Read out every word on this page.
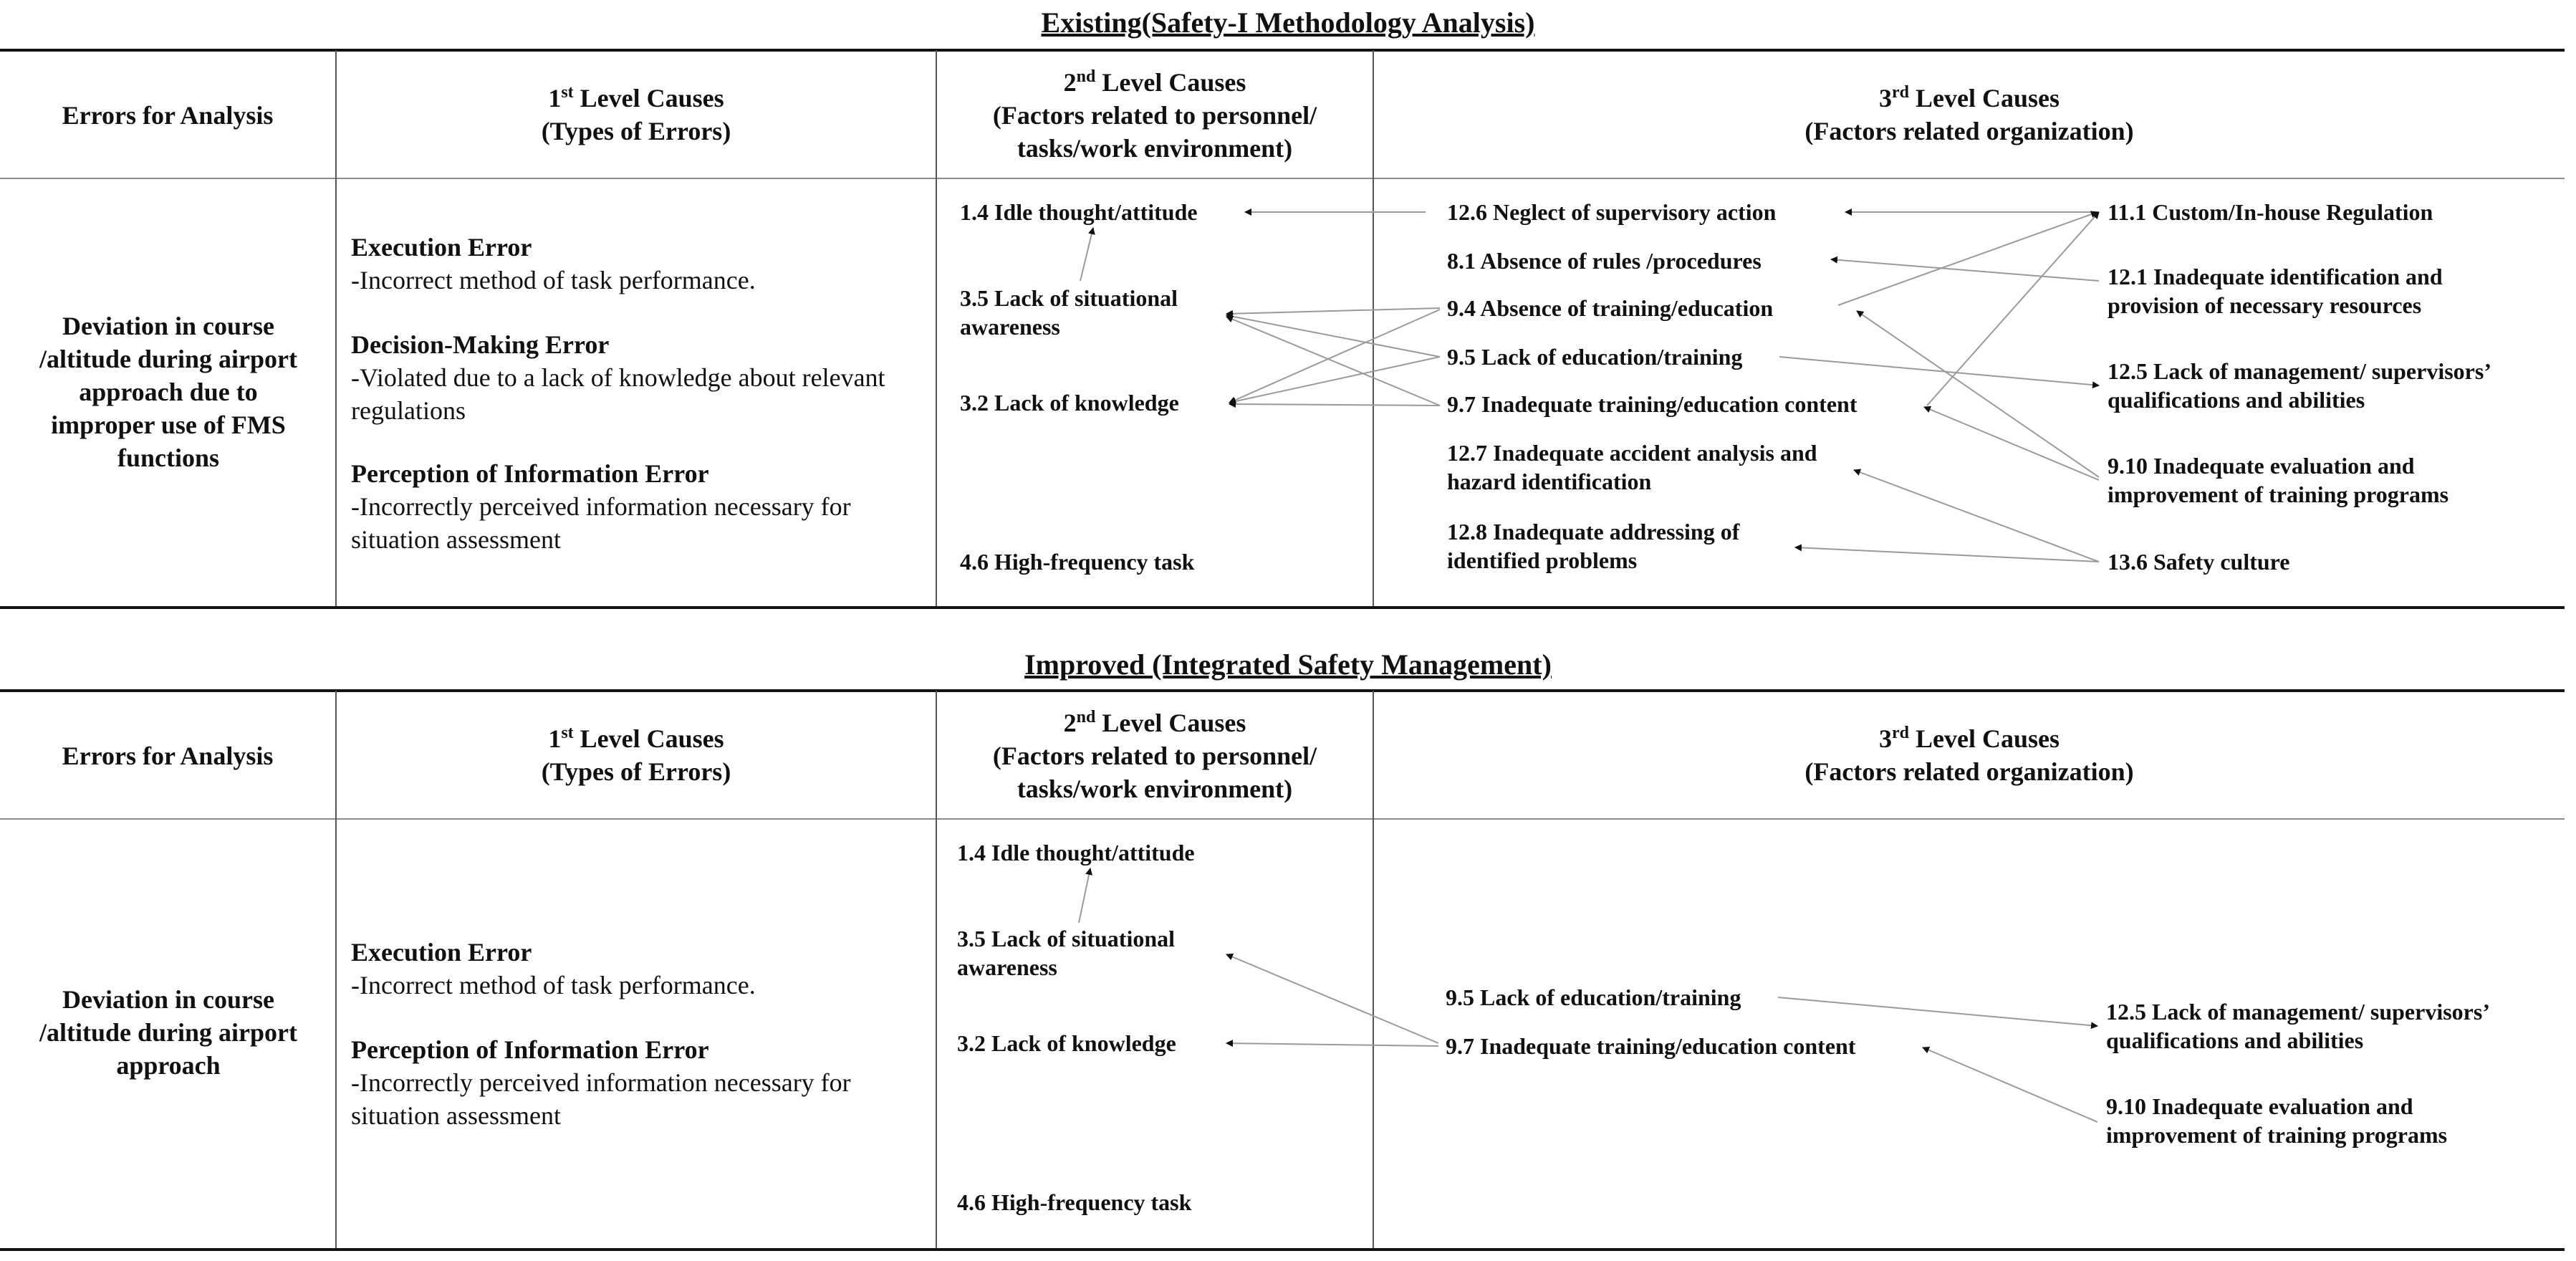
Existing(Safety-I Methodology Analysis)
Errors for Analysis
1st Level Causes
(Types of Errors)
2nd Level Causes
(Factors related to personnel/
tasks/work environment)
3rd Level Causes
(Factors related organization)
Deviation in course /altitude during airport approach due to improper use of FMS functions
Execution Error
-Incorrect method of task performance.
Decision-Making Error
-Violated due to a lack of knowledge about relevant regulations
Perception of Information Error
-Incorrectly perceived information necessary for situation assessment
1.4 Idle thought/attitude
3.5 Lack of situational awareness
3.2 Lack of knowledge
4.6 High-frequency task
12.6 Neglect of supervisory action
8.1 Absence of rules /procedures
9.4 Absence of training/education
9.5 Lack of education/training
9.7 Inadequate training/education content
12.7 Inadequate accident analysis and hazard identification
12.8 Inadequate addressing of identified problems
11.1 Custom/In-house Regulation
12.1 Inadequate identification and provision of necessary resources
12.5 Lack of management/ supervisors’ qualifications and abilities
9.10 Inadequate evaluation and improvement of training programs
13.6 Safety culture
Improved (Integrated Safety Management)
Errors for Analysis
1st Level Causes
(Types of Errors)
2nd Level Causes
(Factors related to personnel/
tasks/work environment)
3rd Level Causes
(Factors related organization)
Deviation in course /altitude during airport approach
Execution Error
-Incorrect method of task performance.
Perception of Information Error
-Incorrectly perceived information necessary for situation assessment
1.4 Idle thought/attitude
3.5 Lack of situational awareness
3.2 Lack of knowledge
4.6 High-frequency task
9.5 Lack of education/training
9.7 Inadequate training/education content
12.5 Lack of management/ supervisors’ qualifications and abilities
9.10 Inadequate evaluation and improvement of training programs
